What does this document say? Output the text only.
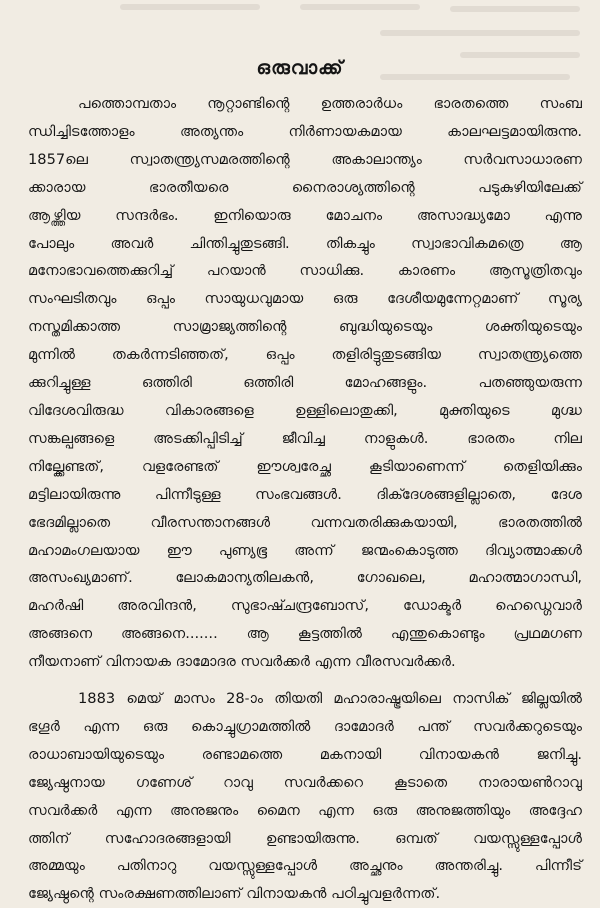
ഒരുവാക്ക്
പത്തൊമ്പതാം നൂറ്റാണ്ടിന്റെ ഉത്തരാർധം ഭാരതത്തെ സംബ
ന്ധിച്ചിടത്തോളം അത്യന്തം നിർണായകമായ കാലഘട്ടമായിരുന്നു.
1857ലെ സ്വാതന്ത്ര്യസമരത്തിന്റെ അകാലാന്ത്യം സർവസാധാരണ
ക്കാരായ ഭാരതീയരെ നൈരാശ്യത്തിന്റെ പടുകുഴിയിലേക്ക്
ആഴ്ത്തിയ സന്ദർഭം. ഇനിയൊരു മോചനം അസാദ്ധ്യമോ എന്നു
പോലും അവർ ചിന്തിച്ചുതുടങ്ങി. തികച്ചും സ്വാഭാവികമത്രെ ആ
മനോഭാവത്തെക്കുറിച്ച് പറയാൻ സാധിക്കു. കാരണം ആസൂത്രിതവും
സംഘടിതവും ഒപ്പം സായുധവുമായ ഒരു ദേശീയമുന്നേറ്റമാണ് സൂര്യ
നസ്തമിക്കാത്ത സാമ്രാജ്യത്തിന്റെ ബുദ്ധിയുടെയും ശക്തിയുടെയും
മുന്നിൽ തകർന്നടിഞ്ഞത്, ഒപ്പം തളിരിട്ടുതുടങ്ങിയ സ്വാതന്ത്ര്യത്തെ
ക്കുറിച്ചുള്ള ഒത്തിരി ഒത്തിരി മോഹങ്ങളും. പതഞ്ഞുയരുന്ന
വിദേശവിരുദ്ധ വികാരങ്ങളെ ഉള്ളിലൊതുക്കി, മുക്തിയുടെ മുഗ്ദ്ധ
സങ്കല്പങ്ങളെ അടക്കിപ്പിടിച്ച് ജീവിച്ച നാളുകൾ. ഭാരതം നില
നില്ക്കേണ്ടത്, വളരേണ്ടത് ഈശ്വരേച്ഛ കൂടിയാണെന്ന് തെളിയിക്കും
മട്ടിലായിരുന്നു പിന്നീടുള്ള സംഭവങ്ങൾ. ദിക്ദേശങ്ങളില്ലാതെ, ദേശ
ഭേദമില്ലാതെ വീരസന്താനങ്ങൾ വന്നവതരിക്കുകയായി, ഭാരതത്തിൽ
മഹാമംഗലയായ ഈ പുണ്യഭൂ അന്ന് ജന്മംകൊടുത്ത ദിവ്യാത്മാക്കൾ
അസംഖ്യമാണ്. ലോകമാന്യതിലകൻ, ഗോഖലെ, മഹാത്മാഗാന്ധി,
മഹർഷി അരവിന്ദൻ, സുഭാഷ്ചന്ദ്രബോസ്, ഡോക്ടർ ഹെഡ്ഗെവാർ
അങ്ങനെ അങ്ങനെ....... ആ കൂട്ടത്തിൽ എന്തുകൊണ്ടും പ്രഥമഗണ
നീയനാണ് വിനായക ദാമോദര സവർക്കർ എന്ന വീരസവർക്കർ.
1883 മെയ് മാസം 28-ാം തിയതി മഹാരാഷ്ട്രയിലെ നാസിക് ജില്ലയിൽ
ഭഗൂർ എന്ന ഒരു കൊച്ചുഗ്രാമത്തിൽ ദാമോദർ പന്ത് സവർക്കറുടെയും
രാധാബായിയുടെയും രണ്ടാമത്തെ മകനായി വിനായകൻ ജനിച്ചു.
ജ്യേഷ്ഠനായ ഗണേശ് റാവു സവർക്കറെ കൂടാതെ നാരായൺറാവു
സവർക്കർ എന്ന അനുജനും മൈന എന്ന ഒരു അനുജത്തിയും അദ്ദേഹ
ത്തിന് സഹോദരങ്ങളായി ഉണ്ടായിരുന്നു. ഒമ്പത് വയസ്സുള്ളപ്പോൾ
അമ്മയും പതിനാറു വയസ്സുള്ളപ്പോൾ അച്ഛനും അന്തരിച്ചു. പിന്നീട്
ജ്യേഷ്ഠന്റെ സംരക്ഷണത്തിലാണ് വിനായകൻ പഠിച്ചുവളർന്നത്.
